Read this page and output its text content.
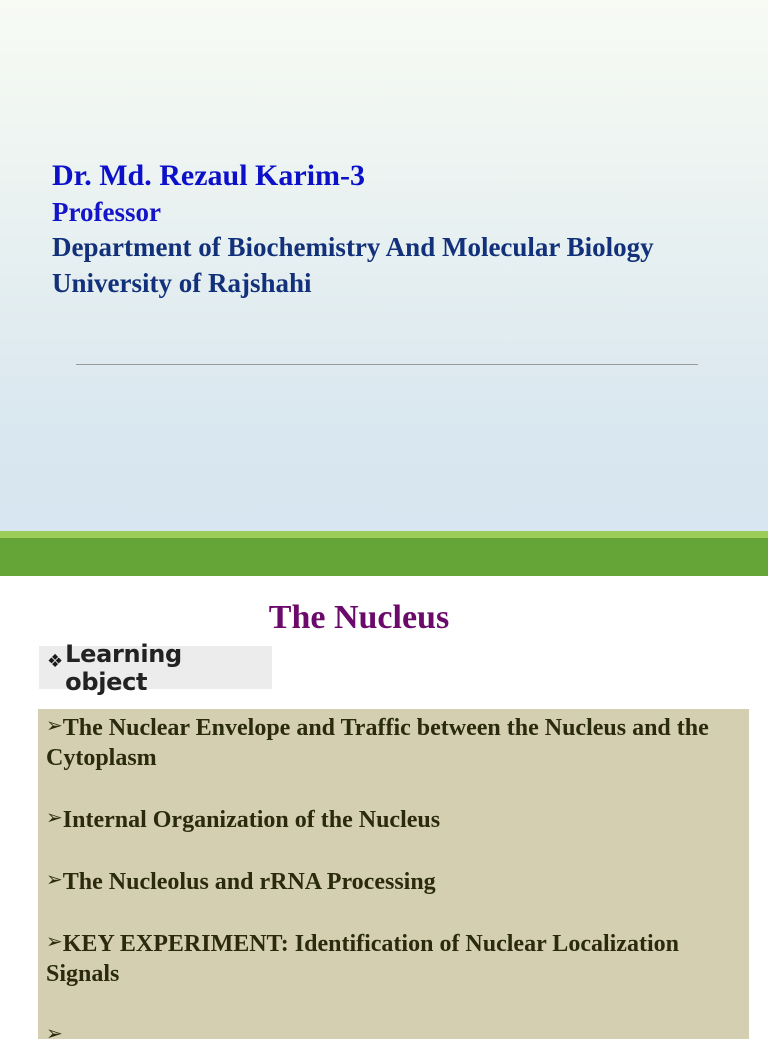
Dr. Md. Rezaul Karim-3
Professor
Department of Biochemistry And Molecular Biology
University of Rajshahi
The Nucleus
❖ Learning object
➢The Nuclear Envelope and Traffic between the Nucleus and the Cytoplasm
➢Internal Organization of the Nucleus
➢The Nucleolus and rRNA Processing
➢KEY EXPERIMENT: Identification of Nuclear Localization Signals
➢
